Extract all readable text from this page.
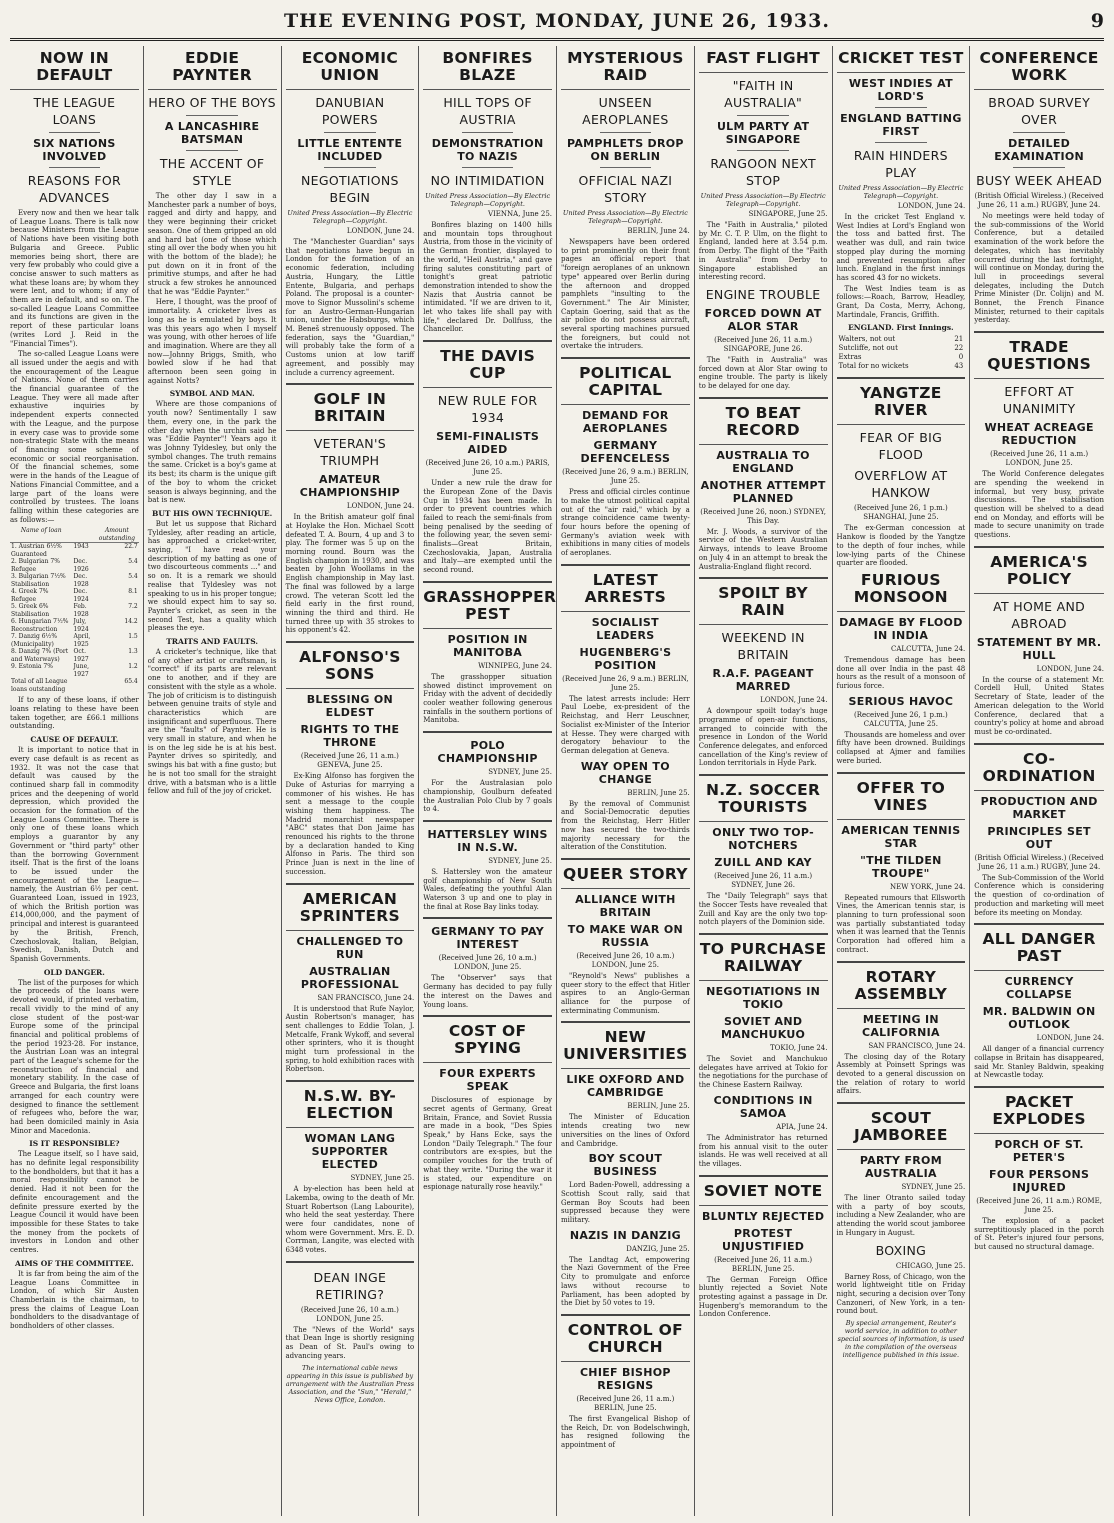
THE EVENING POST, MONDAY, JUNE 26, 1933.	9
NOW IN DEFAULT
THE LEAGUE LOANS
SIX NATIONS INVOLVED
REASONS FOR ADVANCES

Every now and then we hear talk of League Loans. There is talk now because Ministers from the League of Nations have been visiting both Bulgaria and Greece. Public memories being short, there are very few probably who could give a concise answer to such matters as what these loans are; by whom they were lent, and to whom; if any of them are in default, and so on. The so-called League Loans Committee and its functions are given in the report of these particular loans (writes Lord J. Reid in the "Financial Times").

The so-called League Loans were all issued under the aegis and with the encouragement of the League of Nations. None of them carries the financial guarantee of the League. They were all made after exhaustive inquiries by independent experts connected with the League, and the purpose in every case was to provide some non-strategic State with the means of financing some scheme of economic or social reorganisation. Of the financial schemes, some were in the hands of the League of Nations Financial Committee, and a large part of the loans were controlled by trustees. The loans falling within these categories are as follows:—

Name of loan		Amount outstanding
1. Austrian 6½% Guaranteed	1943	22.7
2. Bulgarian 7% Refugee	Dec. 1926	5.4
3. Bulgarian 7½% Stabilisation	Dec. 1928	5.4
4. Greek 7% Refugee	Dec. 1924	8.1
5. Greek 6% Stabilisation	Feb. 1928	7.2
6. Hungarian 7½% Reconstruction	July, 1924	14.2
7. Danzig 6½% (Municipality)	April, 1925	1.5
8. Danzig 7% (Port and Waterways)	Oct. 1927	1.3
9. Estonia 7%	June, 1927	1.2
Total of all League loans outstanding		65.4

If to any of these loans, if other loans relating to these have been taken together, are £66.1 millions outstanding.

CAUSE OF DEFAULT.

It is important to notice that in every case default is as recent as 1932. It was not the case that default was caused by the continued sharp fall in commodity prices and the deepening of world depression, which provided the occasion for the formation of the League Loans Committee. There is only one of these loans which employs a guarantor by any Government or "third party" other than the borrowing Government itself. That is the first of the loans to be issued under the encouragement of the League—namely, the Austrian 6½ per cent. Guaranteed Loan, issued in 1923, of which the British portion was £14,000,000, and the payment of principal and interest is guaranteed by the British, French, Czechoslovak, Italian, Belgian, Swedish, Danish, Dutch and Spanish Governments.

OLD DANGER.

The list of the purposes for which the proceeds of the loans were devoted would, if printed verbatim, recall vividly to the mind of any close student of the post-war Europe some of the principal financial and political problems of the period 1923-28. For instance, the Austrian Loan was an integral part of the League's scheme for the reconstruction of financial and monetary stability. In the case of Greece and Bulgaria, the first loans arranged for each country were designed to finance the settlement of refugees who, before the war, had been domiciled mainly in Asia Minor and Macedonia.

IS IT RESPONSIBLE?

The League itself, so I have said, has no definite legal responsibility to the bondholders, but that it has a moral responsibility cannot be denied. Had it not been for the definite encouragement and the definite pressure exerted by the League Council it would have been impossible for these States to take the money from the pockets of investors in London and other centres.

AIMS OF THE COMMITTEE.

It is far from being the aim of the League Loans Committee in London, of which Sir Austen Chamberlain is the chairman, to press the claims of League Loan bondholders to the disadvantage of bondholders of other classes.

EDDIE PAYNTER
HERO OF THE BOYS
A LANCASHIRE BATSMAN
THE ACCENT OF STYLE

The other day I saw in a Manchester park a number of boys, ragged and dirty and happy, and they were beginning their cricket season. One of them gripped an old and hard bat (one of those which sting all over the body when you hit with the bottom of the blade); he put down on it in front of the primitive stumps, and after he had struck a few strokes he announced that he was "Eddie Paynter."

Here, I thought, was the proof of immortality. A cricketer lives as long as he is emulated by boys. It was this years ago when I myself was young, with other heroes of life and imagination. Where are they all now—Johnny Briggs, Smith, who bowled slow if he had that afternoon been seen going in against Notts?

SYMBOL AND MAN.

Where are those companions of youth now? Sentimentally I saw them, every one, in the park the other day when the urchin said he was "Eddie Paynter"! Years ago it was Johnny Tyldesley, but only the symbol changes. The truth remains the same. Cricket is a boy's game at its best; its charm is the unique gift of the boy to whom the cricket season is always beginning, and the bat is new.

BUT HIS OWN TECHNIQUE.

But let us suppose that Richard Tyldesley, after reading an article, has approached a cricket-writer, saying, "I have read your description of my batting as one of two discourteous comments ..." and so on. It is a remark we should realise that Tyldesley was not speaking to us in his proper tongue; we should expect him to say so. Paynter's cricket, as seen in the second Test, has a quality which pleases the eye.

TRAITS AND FAULTS.

A cricketer's technique, like that of any other artist or craftsman, is "correct" if its parts are relevant one to another, and if they are consistent with the style as a whole. The job of criticism is to distinguish between genuine traits of style and characteristics which are insignificant and superfluous. There are the "faults" of Paynter. He is very small in stature, and when he is on the leg side he is at his best. Paynter drives so spiritedly, and swings his bat with a fine gusto; but he is not too small for the straight drive, with a batsman who is a little fellow and full of the joy of cricket.

ECONOMIC UNION
DANUBIAN POWERS
LITTLE ENTENTE INCLUDED
NEGOTIATIONS BEGIN
United Press Association—By Electric Telegraph—Copyright.
LONDON, June 24.

The "Manchester Guardian" says that negotiations have begun in London for the formation of an economic federation, including Austria, Hungary, the Little Entente, Bulgaria, and perhaps Poland. The proposal is a counter-move to Signor Mussolini's scheme for an Austro-German-Hungarian union, under the Habsburgs, which M. Beneš strenuously opposed. The federation, says the "Guardian," will probably take the form of a Customs union at low tariff agreement, and possibly may include a currency agreement.

GOLF IN BRITAIN
VETERAN'S TRIUMPH
AMATEUR CHAMPIONSHIP
LONDON, June 24.

In the British amateur golf final at Hoylake the Hon. Michael Scott defeated T. A. Bourn, 4 up and 3 to play. The former was 5 up on the morning round. Bourn was the English champion in 1930, and was beaten by John Woollams in the English championship in May last. The final was followed by a large crowd. The veteran Scott led the field early in the first round, winning the third and third. He turned three up with 35 strokes to his opponent's 42.

ALFONSO'S SONS
BLESSING ON ELDEST
RIGHTS TO THE THRONE
(Received June 26, 11 a.m.) GENEVA, June 25.

Ex-King Alfonso has forgiven the Duke of Asturias for marrying a commoner of his wishes. He has sent a message to the couple wishing them happiness. The Madrid monarchist newspaper "ABC" states that Don Jaime has renounced his rights to the throne by a declaration handed to King Alfonso in Paris. The third son Prince Juan is next in the line of succession.

AMERICAN SPRINTERS
CHALLENGED TO RUN
AUSTRALIAN PROFESSIONAL
SAN FRANCISCO, June 24.

It is understood that Rufe Naylor, Austin Robertson's manager, has sent challenges to Eddie Tolan, J. Metcalfe, Frank Wykoff, and several other sprinters, who it is thought might turn professional in the spring, to hold exhibition races with Robertson.

N.S.W. BY-ELECTION
WOMAN LANG SUPPORTER ELECTED
SYDNEY, June 25.

A by-election has been held at Lakemba, owing to the death of Mr. Stuart Robertson (Lang Labourite), who held the seat yesterday. There were four candidates, none of whom were Government. Mrs. E. D. Corrman, Langite, was elected with 6348 votes.

DEAN INGE RETIRING?
(Received June 26, 10 a.m.) LONDON, June 25.

The "News of the World" says that Dean Inge is shortly resigning as Dean of St. Paul's owing to advancing years.

The international cable news appearing in this issue is published by arrangement with the Australian Press Association, and the "Sun," "Herald," News Office, London.
BONFIRES BLAZE
HILL TOPS OF AUSTRIA
DEMONSTRATION TO NAZIS
NO INTIMIDATION
United Press Association—By Electric Telegraph—Copyright.
VIENNA, June 25.

Bonfires blazing on 1400 hills and mountain tops throughout Austria, from those in the vicinity of the German frontier, displayed to the world, "Heil Austria," and gave firing salutes constituting part of tonight's great patriotic demonstration intended to show the Nazis that Austria cannot be intimidated. "If we are driven to it, let who takes life shall pay with life," declared Dr. Dollfuss, the Chancellor.

THE DAVIS CUP
NEW RULE FOR 1934
SEMI-FINALISTS AIDED
(Received June 26, 10 a.m.) PARIS, June 25.

Under a new rule the draw for the European Zone of the Davis Cup in 1934 has been made. In order to prevent countries which failed to reach the semi-finals from being penalised by the seeding of the following year, the seven semi-finalists—Great Britain, Czechoslovakia, Japan, Australia and Italy—are exempted until the second round.

GRASSHOPPER PEST
POSITION IN MANITOBA
WINNIPEG, June 24.

The grasshopper situation showed distinct improvement on Friday with the advent of decidedly cooler weather following generous rainfalls in the southern portions of Manitoba.

POLO CHAMPIONSHIP
SYDNEY, June 25.

For the Australasian polo championship, Goulburn defeated the Australian Polo Club by 7 goals to 4.

HATTERSLEY WINS IN N.S.W.
SYDNEY, June 25.

S. Hattersley won the amateur golf championship of New South Wales, defeating the youthful Alan Waterson 3 up and one to play in the final at Rose Bay links today.

GERMANY TO PAY INTEREST
(Received June 26, 10 a.m.) LONDON, June 25.

The "Observer" says that Germany has decided to pay fully the interest on the Dawes and Young loans.

COST OF SPYING
FOUR EXPERTS SPEAK

Disclosures of espionage by secret agents of Germany, Great Britain, France, and Soviet Russia are made in a book, "Des Spies Speak," by Hans Ecke, says the London "Daily Telegraph." The four contributors are ex-spies, but the compiler vouches for the truth of what they write. "During the war it is stated, our expenditure on espionage naturally rose heavily."

MYSTERIOUS RAID
UNSEEN AEROPLANES
PAMPHLETS DROP ON BERLIN
OFFICIAL NAZI STORY
United Press Association—By Electric Telegraph—Copyright.
BERLIN, June 24.

Newspapers have been ordered to print prominently on their front pages an official report that "foreign aeroplanes of an unknown type" appeared over Berlin during the afternoon and dropped pamphlets "insulting to the Government." The Air Minister, Captain Goering, said that as the air police do not possess aircraft, several sporting machines pursued the foreigners, but could not overtake the intruders.

POLITICAL CAPITAL
DEMAND FOR AEROPLANES
GERMANY DEFENCELESS
(Received June 26, 9 a.m.) BERLIN, June 25.

Press and official circles continue to make the utmost political capital out of the "air raid," which by a strange coincidence came twenty-four hours before the opening of Germany's aviation week with exhibitions in many cities of models of aeroplanes.

LATEST ARRESTS
SOCIALIST LEADERS
HUGENBERG'S POSITION
(Received June 26, 9 a.m.) BERLIN, June 25.

The latest arrests include: Herr Paul Loebe, ex-president of the Reichstag, and Herr Leuschner, Socialist ex-Minister of the Interior at Hesse. They were charged with derogatory behaviour to the German delegation at Geneva.

WAY OPEN TO CHANGE
BERLIN, June 25.

By the removal of Communist and Social-Democratic deputies from the Reichstag, Herr Hitler now has secured the two-thirds majority necessary for the alteration of the Constitution.

QUEER STORY
ALLIANCE WITH BRITAIN
TO MAKE WAR ON RUSSIA
(Received June 26, 10 a.m.) LONDON, June 25.

"Reynold's News" publishes a queer story to the effect that Hitler aspires to an Anglo-German alliance for the purpose of exterminating Communism.

NEW UNIVERSITIES
LIKE OXFORD AND CAMBRIDGE
BERLIN, June 25.

The Minister of Education intends creating two new universities on the lines of Oxford and Cambridge.

BOY SCOUT BUSINESS

Lord Baden-Powell, addressing a Scottish Scout rally, said that German Boy Scouts had been suppressed because they were military.

NAZIS IN DANZIG
DANZIG, June 25.

The Landtag Act, empowering the Nazi Government of the Free City to promulgate and enforce laws without recourse to Parliament, has been adopted by the Diet by 50 votes to 19.

CONTROL OF CHURCH
CHIEF BISHOP RESIGNS
(Received June 26, 11 a.m.) BERLIN, June 25.

The first Evangelical Bishop of the Reich, Dr. von Bodelschwingh, has resigned following the appointment of

FAST FLIGHT
"FAITH IN AUSTRALIA"
ULM PARTY AT SINGAPORE
RANGOON NEXT STOP
United Press Association—By Electric Telegraph—Copyright.
SINGAPORE, June 25.

The "Faith in Australia," piloted by Mr. C. T. P. Ulm, on the flight to England, landed here at 3.54 p.m. from Derby. The flight of the "Faith in Australia" from Derby to Singapore established an interesting record.

ENGINE TROUBLE
FORCED DOWN AT ALOR STAR
(Received June 26, 11 a.m.) SINGAPORE, June 26.

The "Faith in Australia" was forced down at Alor Star owing to engine trouble. The party is likely to be delayed for one day.

TO BEAT RECORD
AUSTRALIA TO ENGLAND
ANOTHER ATTEMPT PLANNED
(Received June 26, noon.) SYDNEY, This Day.

Mr. J. Woods, a survivor of the service of the Western Australian Airways, intends to leave Broome on July 4 in an attempt to break the Australia-England flight record.

SPOILT BY RAIN
WEEKEND IN BRITAIN
R.A.F. PAGEANT MARRED
LONDON, June 24.

A downpour spoilt today's huge programme of open-air functions, arranged to coincide with the presence in London of the World Conference delegates, and enforced cancellation of the King's review of London territorials in Hyde Park.

N.Z. SOCCER TOURISTS
ONLY TWO TOP-NOTCHERS
ZUILL AND KAY
(Received June 26, 11 a.m.) SYDNEY, June 26.

The "Daily Telegraph" says that the Soccer Tests have revealed that Zuill and Kay are the only two top-notch players of the Dominion side.

TO PURCHASE RAILWAY
NEGOTIATIONS IN TOKIO
SOVIET AND MANCHUKUO
TOKIO, June 24.

The Soviet and Manchukuo delegates have arrived at Tokio for the negotiations for the purchase of the Chinese Eastern Railway.

CONDITIONS IN SAMOA
APIA, June 24.

The Administrator has returned from his annual visit to the outer islands. He was well received at all the villages.

SOVIET NOTE
BLUNTLY REJECTED
PROTEST UNJUSTIFIED
(Received June 26, 11 a.m.) BERLIN, June 25.

The German Foreign Office bluntly rejected a Soviet Note protesting against a passage in Dr. Hugenberg's memorandum to the London Conference.

CRICKET TEST
WEST INDIES AT LORD'S
ENGLAND BATTING FIRST
RAIN HINDERS PLAY
United Press Association—By Electric Telegraph—Copyright.
LONDON, June 24.

In the cricket Test England v. West Indies at Lord's England won the toss and batted first. The weather was dull, and rain twice stopped play during the morning and prevented resumption after lunch. England in the first innings has scored 43 for no wickets.

The West Indies team is as follows:—Roach, Barrow, Headley, Grant, Da Costa, Merry, Achong, Martindale, Francis, Griffith.

ENGLAND. First Innings.
Walters, not out	21
Sutcliffe, not out	22
Extras	0
Total for no wickets	43
YANGTZE RIVER
FEAR OF BIG FLOOD
OVERFLOW AT HANKOW
(Received June 26, 1 p.m.) SHANGHAI, June 25.

The ex-German concession at Hankow is flooded by the Yangtze to the depth of four inches, while low-lying parts of the Chinese quarter are flooded.

FURIOUS MONSOON
DAMAGE BY FLOOD IN INDIA
CALCUTTA, June 24.

Tremendous damage has been done all over India in the past 48 hours as the result of a monsoon of furious force.

SERIOUS HAVOC
(Received June 26, 1 p.m.) CALCUTTA, June 25.

Thousands are homeless and over fifty have been drowned. Buildings collapsed at Ajmer and families were buried.

OFFER TO VINES
AMERICAN TENNIS STAR
"THE TILDEN TROUPE"
NEW YORK, June 24.

Repeated rumours that Ellsworth Vines, the American tennis star, is planning to turn professional soon was partially substantiated today when it was learned that the Tennis Corporation had offered him a contract.

ROTARY ASSEMBLY
MEETING IN CALIFORNIA
SAN FRANCISCO, June 24.

The closing day of the Rotary Assembly at Poinsett Springs was devoted to a general discussion on the relation of rotary to world affairs.

SCOUT JAMBOREE
PARTY FROM AUSTRALIA
SYDNEY, June 25.

The liner Otranto sailed today with a party of boy scouts, including a New Zealander, who are attending the world scout jamboree in Hungary in August.

BOXING
CHICAGO, June 25.

Barney Ross, of Chicago, won the world lightweight title on Friday night, securing a decision over Tony Canzoneri, of New York, in a ten-round bout.

By special arrangement, Reuter's world service, in addition to other special sources of information, is used in the compilation of the overseas intelligence published in this issue.
CONFERENCE WORK
BROAD SURVEY OVER
DETAILED EXAMINATION
BUSY WEEK AHEAD
(British Official Wireless.) (Received June 26, 11 a.m.) RUGBY, June 24.

No meetings were held today of the sub-commissions of the World Conference, but a detailed examination of the work before the delegates, which has inevitably occurred during the last fortnight, will continue on Monday, during the lull in proceedings several delegates, including the Dutch Prime Minister (Dr. Colijn) and M. Bonnet, the French Finance Minister, returned to their capitals yesterday.

TRADE QUESTIONS
EFFORT AT UNANIMITY
WHEAT ACREAGE REDUCTION
(Received June 26, 11 a.m.) LONDON, June 25.

The World Conference delegates are spending the weekend in informal, but very busy, private discussions. The stabilisation question will be shelved to a dead end on Monday, and efforts will be made to secure unanimity on trade questions.

AMERICA'S POLICY
AT HOME AND ABROAD
STATEMENT BY MR. HULL
LONDON, June 24.

In the course of a statement Mr. Cordell Hull, United States Secretary of State, leader of the American delegation to the World Conference, declared that a country's policy at home and abroad must be co-ordinated.

CO-ORDINATION
PRODUCTION AND MARKET
PRINCIPLES SET OUT
(British Official Wireless.) (Received June 26, 11 a.m.) RUGBY, June 24.

The Sub-Commission of the World Conference which is considering the question of co-ordination of production and marketing will meet before its meeting on Monday.

ALL DANGER PAST
CURRENCY COLLAPSE
MR. BALDWIN ON OUTLOOK
LONDON, June 24.

All danger of a financial currency collapse in Britain has disappeared, said Mr. Stanley Baldwin, speaking at Newcastle today.

PACKET EXPLODES
PORCH OF ST. PETER'S
FOUR PERSONS INJURED
(Received June 26, 11 a.m.) ROME, June 25.

The explosion of a packet surreptitiously placed in the porch of St. Peter's injured four persons, but caused no structural damage.
